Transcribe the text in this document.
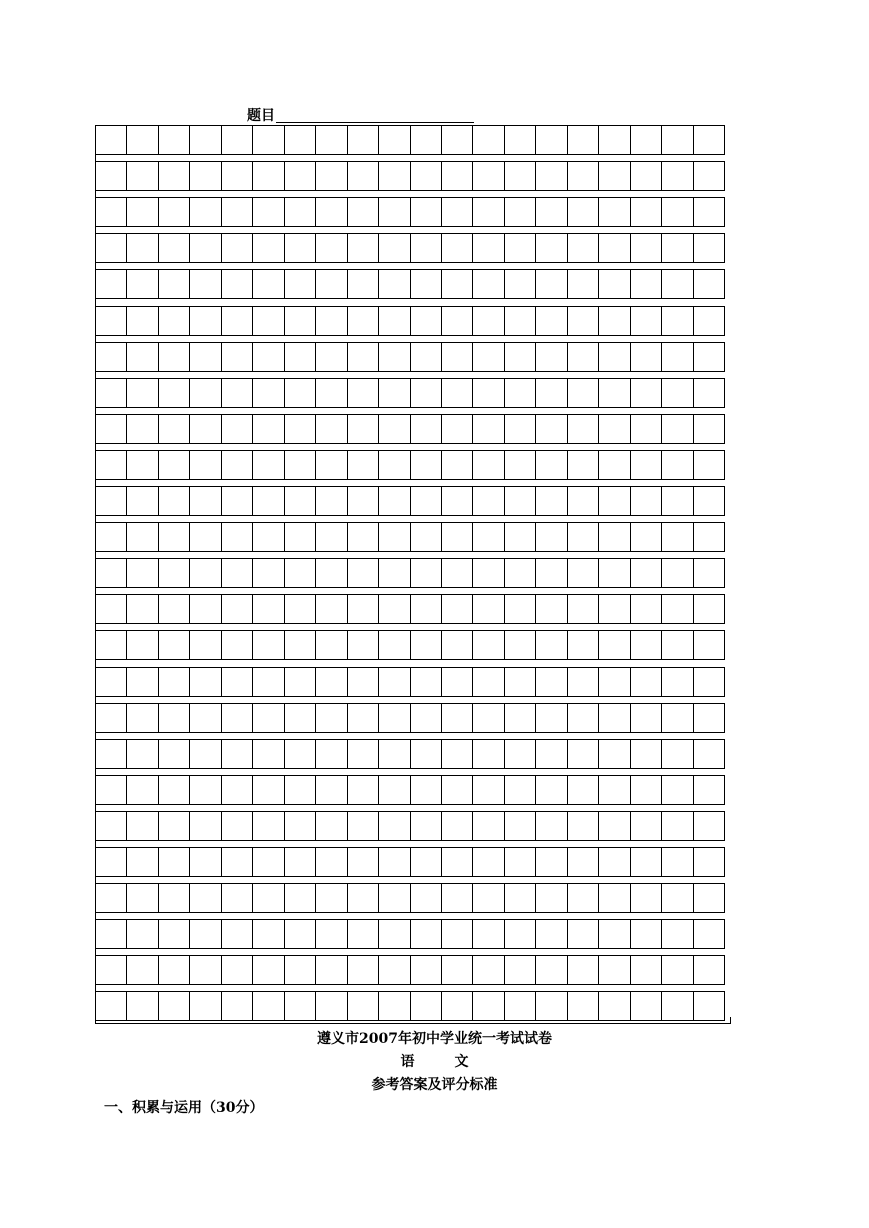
题目
遵义市2007年初中学业统一考试试卷
语	文
参考答案及评分标准
一、积累与运用（30分）
